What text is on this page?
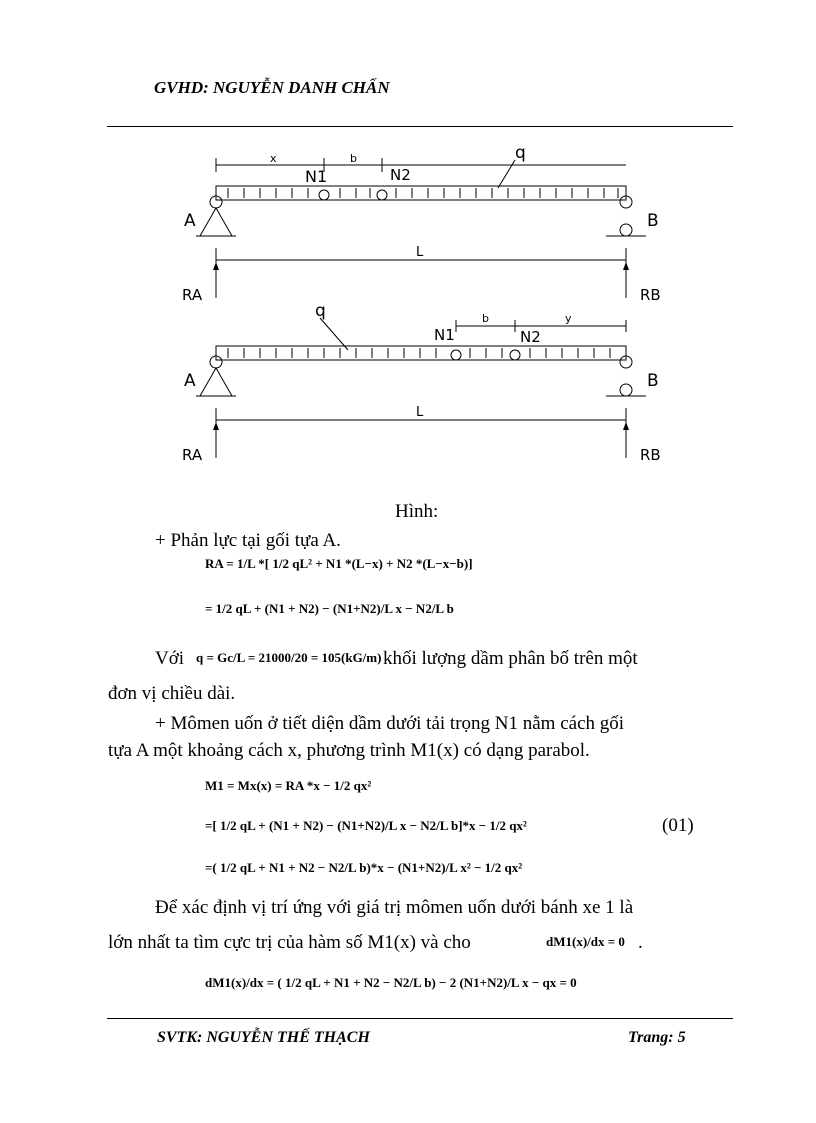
GVHD: NGUYỄN DANH CHẤN
x	b
N1	N2
q
A	B
L
RA	RB
q	b	y
N1	N2
A	B
L
RA	RB
Hình:
+ Phản lực tại gối tựa A.
RA = 1/L *[ 1/2 qL² + N1 *(L−x) + N2 *(L−x−b)]
= 1/2 qL + (N1 + N2) − (N1+N2)/L x − N2/L b
Với q = Gc/L = 21000/20 = 105(kG/m) khối lượng dầm phân bố trên một
đơn vị chiều dài.
+ Mômen uốn ở tiết diện dầm dưới tải trọng N1 nằm cách gối
tựa A một khoảng cách x, phương trình M1(x) có dạng parabol.
M1 = Mx(x) = RA *x − 1/2 qx²
=[ 1/2 qL + (N1 + N2) − (N1+N2)/L x − N2/L b]*x − 1/2 qx²	(01)
=( 1/2 qL + N1 + N2 − N2/L b)*x − (N1+N2)/L x² − 1/2 qx²
Để xác định vị trí ứng với giá trị mômen uốn dưới bánh xe 1 là
lớn nhất ta tìm cực trị của hàm số M1(x) và cho	dM1(x)/dx = 0 .
dM1(x)/dx = ( 1/2 qL + N1 + N2 − N2/L b) − 2 (N1+N2)/L x − qx = 0
SVTK: NGUYỄN THẾ THẠCH	Trang: 5
